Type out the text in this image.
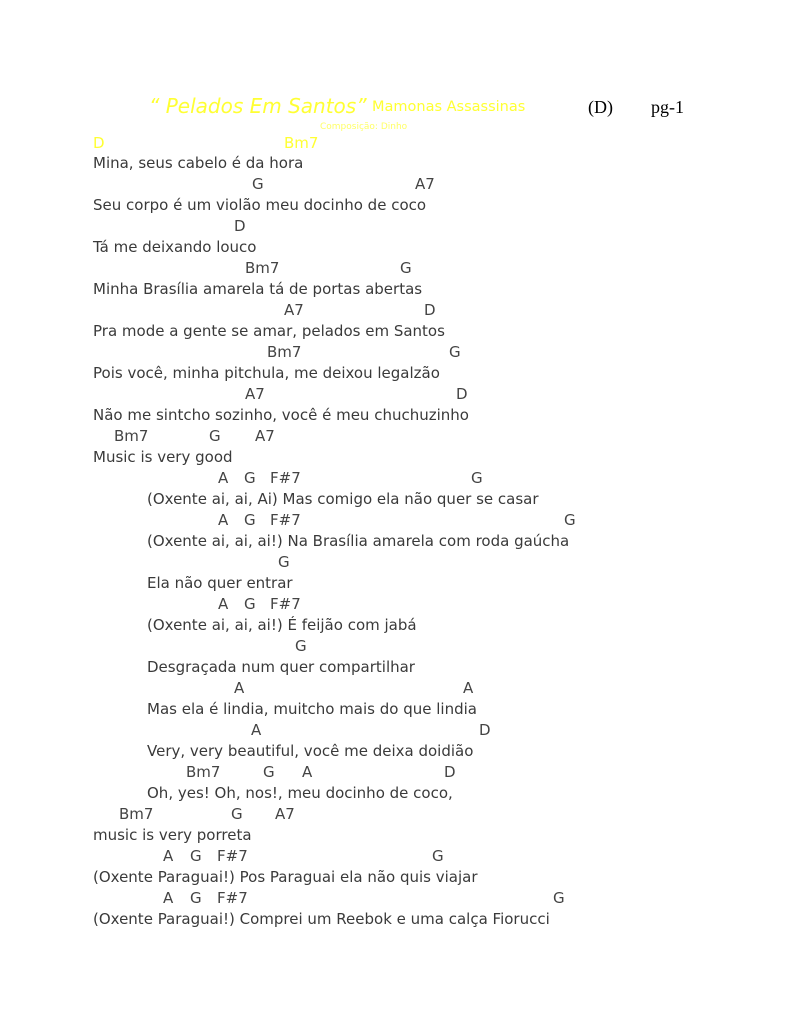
“ Pelados Em Santos” Mamonas Assassinas	(D) pg-1
Composição: Dinho
D	Bm7
Mina, seus cabelo é da hora
G	A7
Seu corpo é um violão meu docinho de coco
D
Tá me deixando louco
Bm7	G
Minha Brasília amarela tá de portas abertas
A7	D
Pra mode a gente se amar, pelados em Santos
Bm7	G
Pois você, minha pitchula, me deixou legalzão
A7	D
Não me sintcho sozinho, você é meu chuchuzinho
Bm7	G A7
Music is very good
A G F#7	G
(Oxente ai, ai, Ai) Mas comigo ela não quer se casar
A G F#7	G
(Oxente ai, ai, ai!) Na Brasília amarela com roda gaúcha
G
Ela não quer entrar
A G F#7
(Oxente ai, ai, ai!) É feijão com jabá
G
Desgraçada num quer compartilhar
A	A
Mas ela é lindia, muitcho mais do que lindia
A	D
Very, very beautiful, você me deixa doidião
Bm7	G A	D
Oh, yes! Oh, nos!, meu docinho de coco,
Bm7	G A7
music is very porreta
A G F#7	G
(Oxente Paraguai!) Pos Paraguai ela não quis viajar
A G F#7	G
(Oxente Paraguai!) Comprei um Reebok e uma calça Fiorucci
